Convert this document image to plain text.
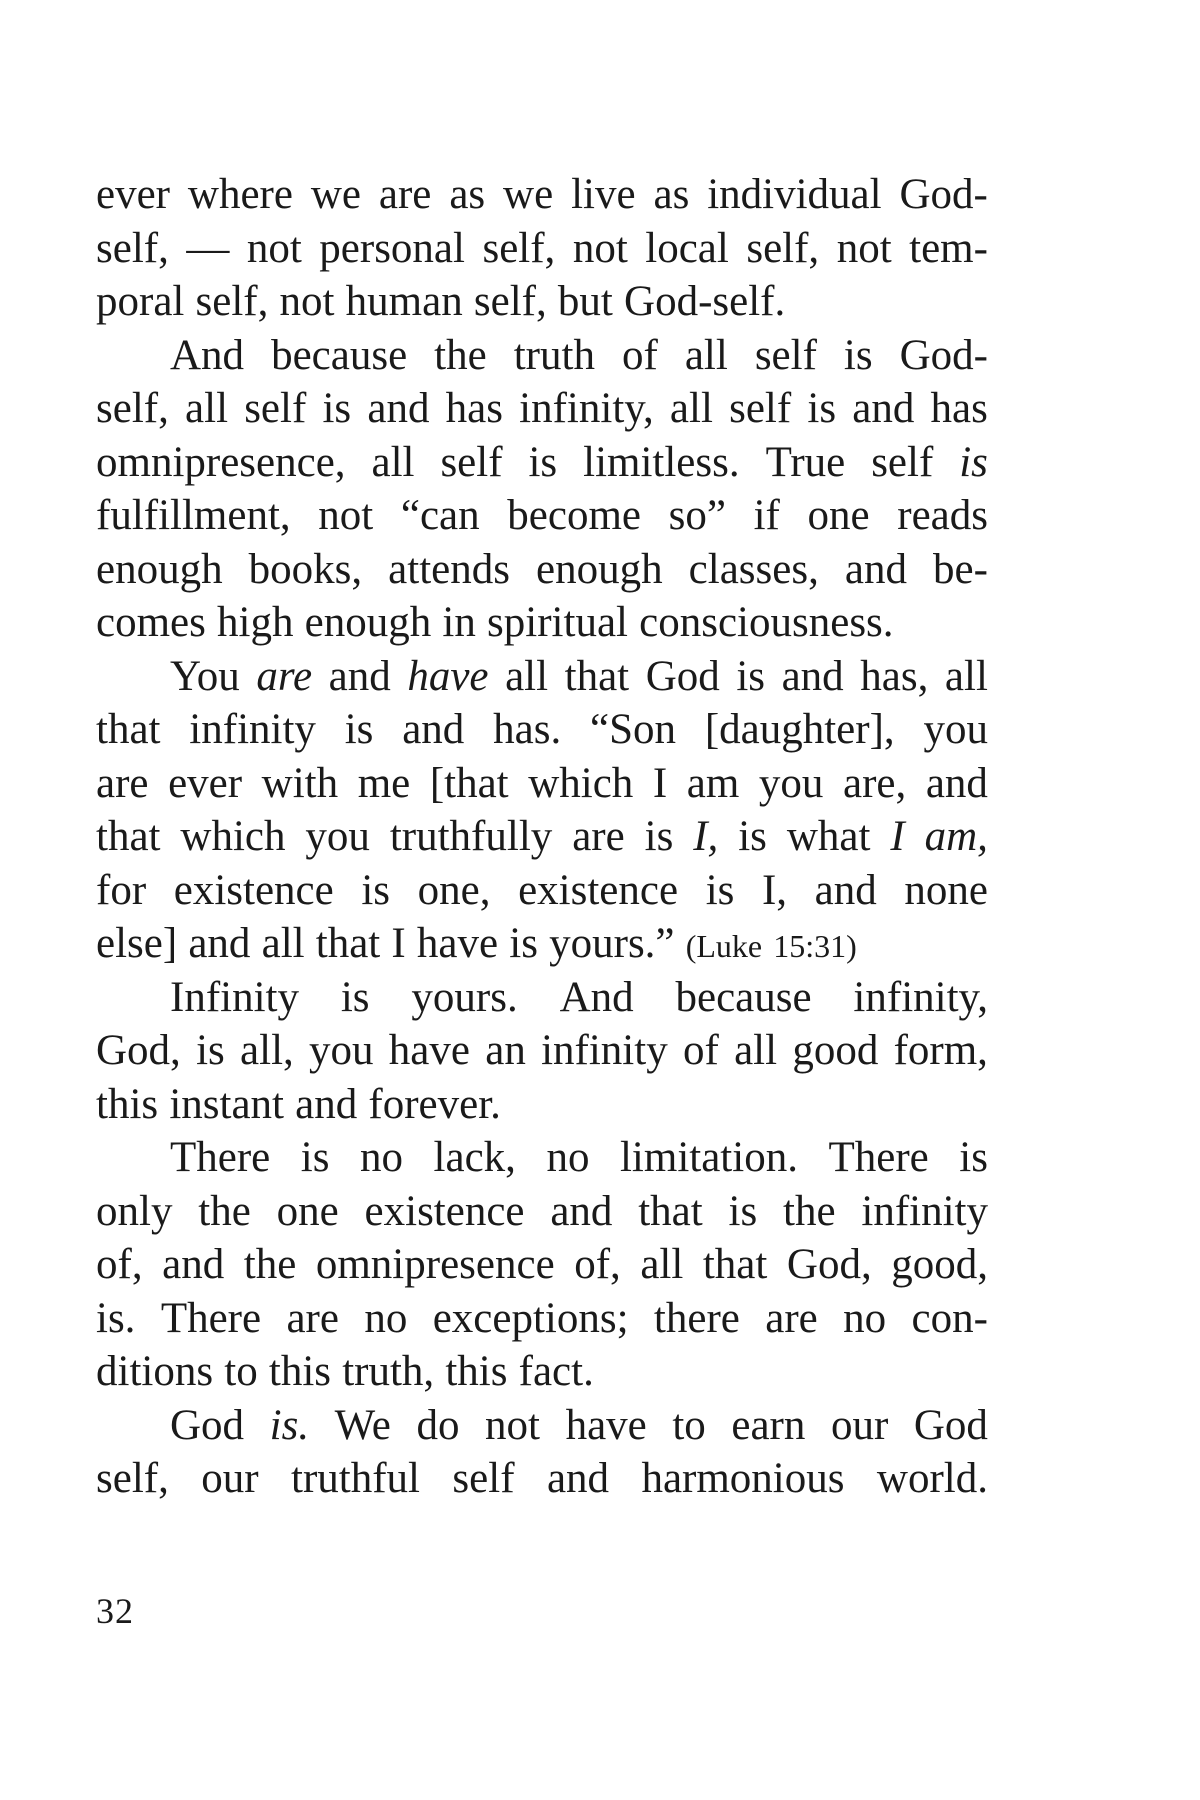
ever where we are as we live as individual God-
self, — not personal self, not local self, not tem-
poral self, not human self, but God-self.
And because the truth of all self is God-
self, all self is and has infinity, all self is and has
omnipresence, all self is limitless. True self is
fulfillment, not “can become so” if one reads
enough books, attends enough classes, and be-
comes high enough in spiritual consciousness.
You are and have all that God is and has, all
that infinity is and has. “Son [daughter], you
are ever with me [that which I am you are, and
that which you truthfully are is I, is what I am,
for existence is one, existence is I, and none
else] and all that I have is yours.” (Luke 15:31)
Infinity is yours. And because infinity,
God, is all, you have an infinity of all good form,
this instant and forever.
There is no lack, no limitation. There is
only the one existence and that is the infinity
of, and the omnipresence of, all that God, good,
is. There are no exceptions; there are no con-
ditions to this truth, this fact.
God is. We do not have to earn our God
self, our truthful self and harmonious world.
32
